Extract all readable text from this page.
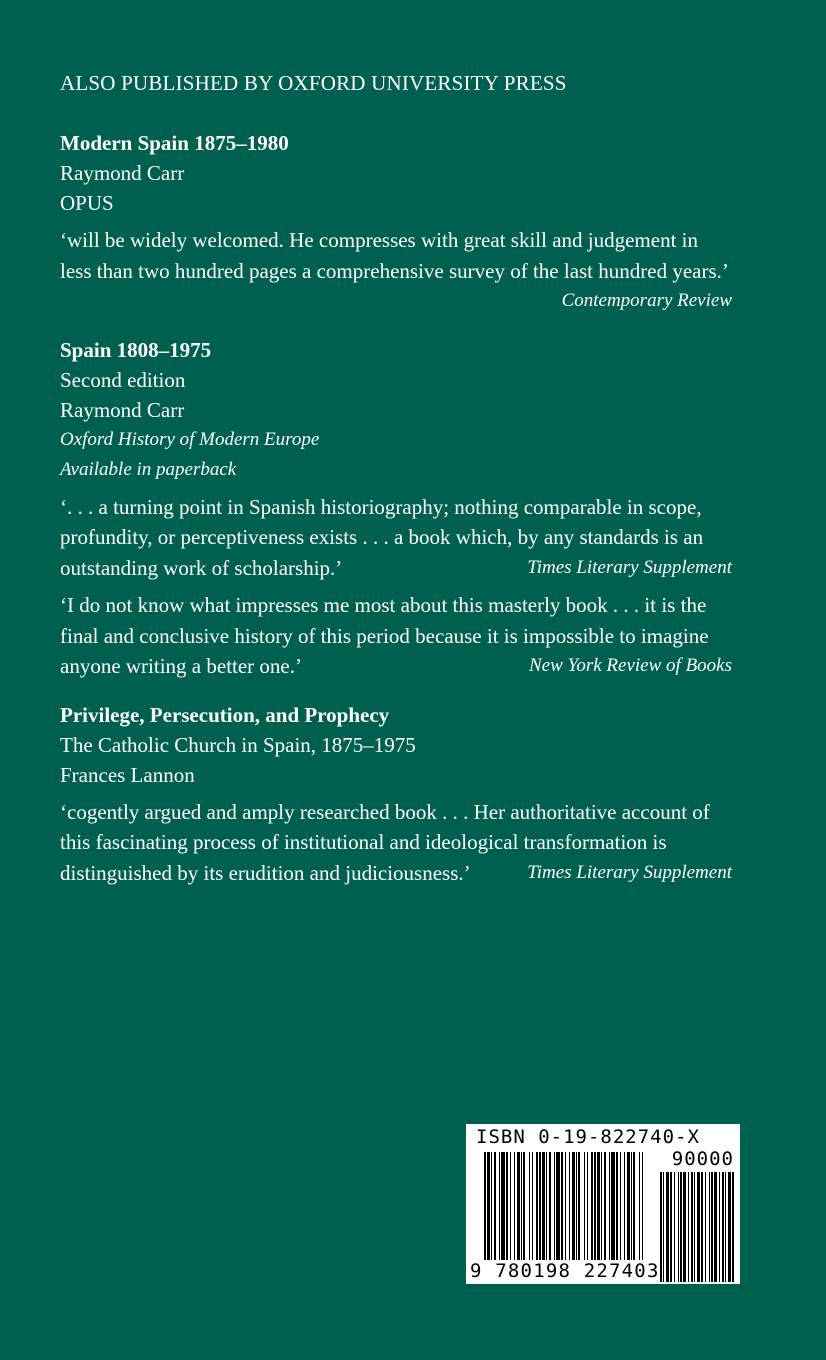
ALSO PUBLISHED BY OXFORD UNIVERSITY PRESS
Modern Spain 1875–1980
Raymond Carr
OPUS
‘will be widely welcomed. He compresses with great skill and judgement in less than two hundred pages a comprehensive survey of the last hundred years.’
Contemporary Review
Spain 1808–1975
Second edition
Raymond Carr
Oxford History of Modern Europe
Available in paperback
‘. . . a turning point in Spanish historiography; nothing comparable in scope, profundity, or perceptiveness exists . . . a book which, by any standards is an outstanding work of scholarship.’	Times Literary Supplement
‘I do not know what impresses me most about this masterly book . . . it is the final and conclusive history of this period because it is impossible to imagine anyone writing a better one.’	New York Review of Books
Privilege, Persecution, and Prophecy
The Catholic Church in Spain, 1875–1975
Frances Lannon
‘cogently argued and amply researched book . . . Her authoritative account of this fascinating process of institutional and ideological transformation is distinguished by its erudition and judiciousness.’	Times Literary Supplement
ISBN 0-19-822740-X
90000
9 780198 227403
